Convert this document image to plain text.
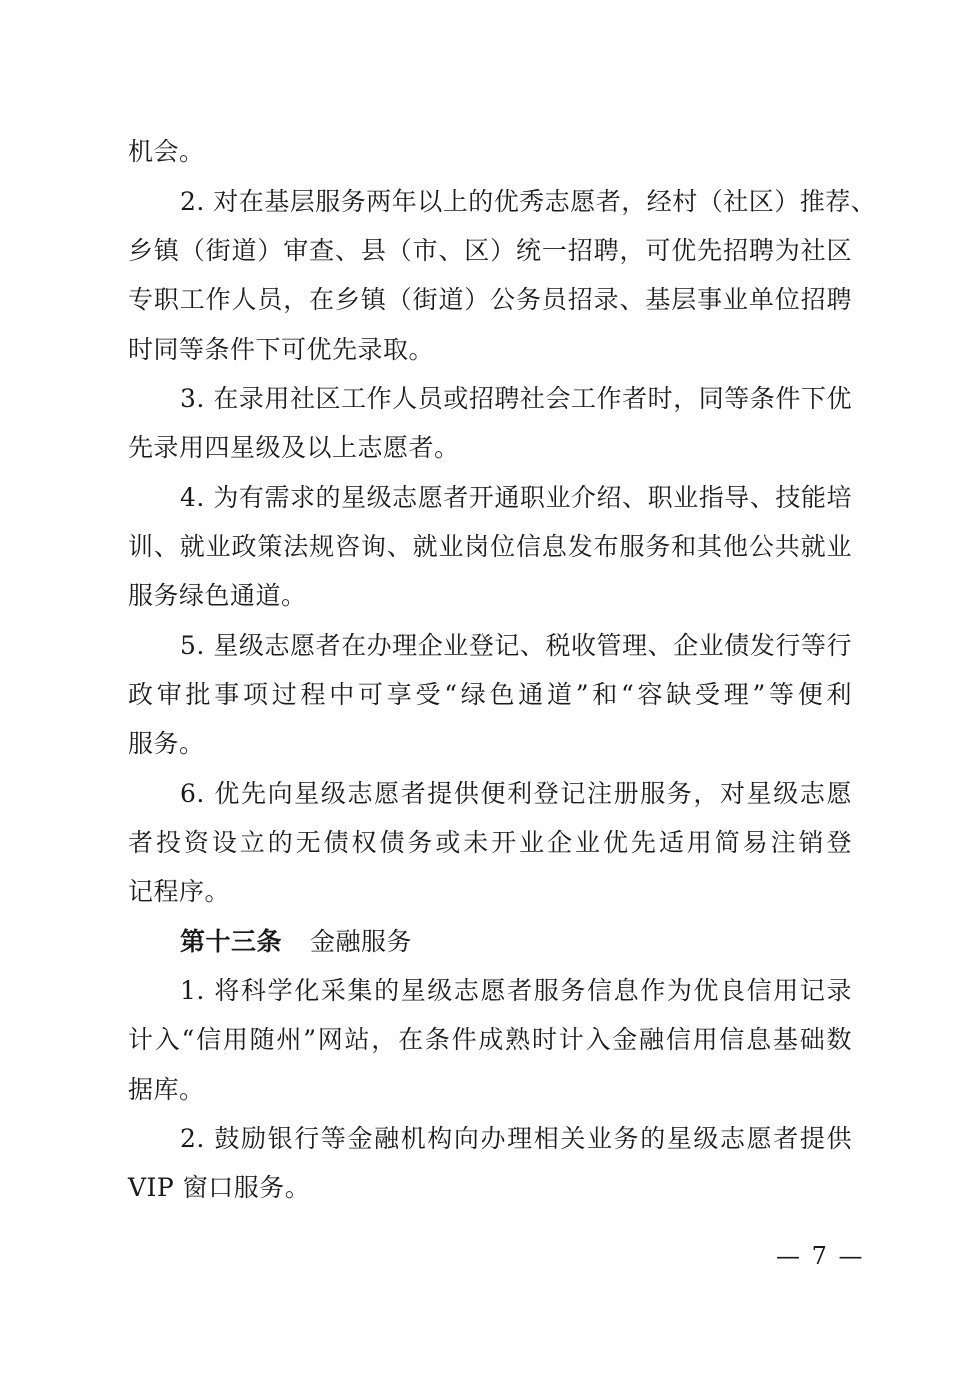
机会。
2. 对在基层服务两年以上的优秀志愿者，经村（社区）推荐、
乡镇（街道）审查、县（市、区）统一招聘，可优先招聘为社区
专职工作人员，在乡镇（街道）公务员招录、基层事业单位招聘
时同等条件下可优先录取。
3. 在录用社区工作人员或招聘社会工作者时，同等条件下优
先录用四星级及以上志愿者。
4. 为有需求的星级志愿者开通职业介绍、职业指导、技能培
训、就业政策法规咨询、就业岗位信息发布服务和其他公共就业
服务绿色通道。
5. 星级志愿者在办理企业登记、税收管理、企业债发行等行
政审批事项过程中可享受“绿色通道”和“容缺受理”等便利
服务。
6. 优先向星级志愿者提供便利登记注册服务，对星级志愿
者投资设立的无债权债务或未开业企业优先适用简易注销登
记程序。
第十三条 金融服务
1. 将科学化采集的星级志愿者服务信息作为优良信用记录
计入“信用随州”网站，在条件成熟时计入金融信用信息基础数
据库。
2. 鼓励银行等金融机构向办理相关业务的星级志愿者提供
VIP 窗口服务。
— 7 —
